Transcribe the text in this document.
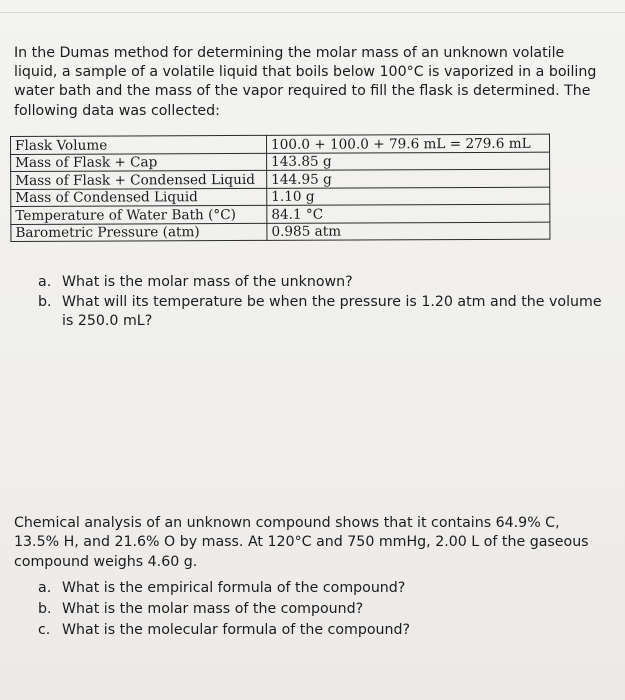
In the Dumas method for determining the molar mass of an unknown volatile liquid, a sample of a volatile liquid that boils below 100°C is vaporized in a boiling water bath and the mass of the vapor required to fill the flask is determined. The following data was collected:

Flask Volume	100.0 + 100.0 + 79.6 mL = 279.6 mL
Mass of Flask + Cap	143.85 g
Mass of Flask + Condensed Liquid	144.95 g
Mass of Condensed Liquid	1.10 g
Temperature of Water Bath (°C)	84.1 °C
Barometric Pressure (atm)	0.985 atm
a. What is the molar mass of the unknown?
b. What will its temperature be when the pressure is 1.20 atm and the volume is 250.0 mL?

Chemical analysis of an unknown compound shows that it contains 64.9% C, 13.5% H, and 21.6% O by mass. At 120°C and 750 mmHg, 2.00 L of the gaseous compound weighs 4.60 g.

a. What is the empirical formula of the compound?
b. What is the molar mass of the compound?
c. What is the molecular formula of the compound?
